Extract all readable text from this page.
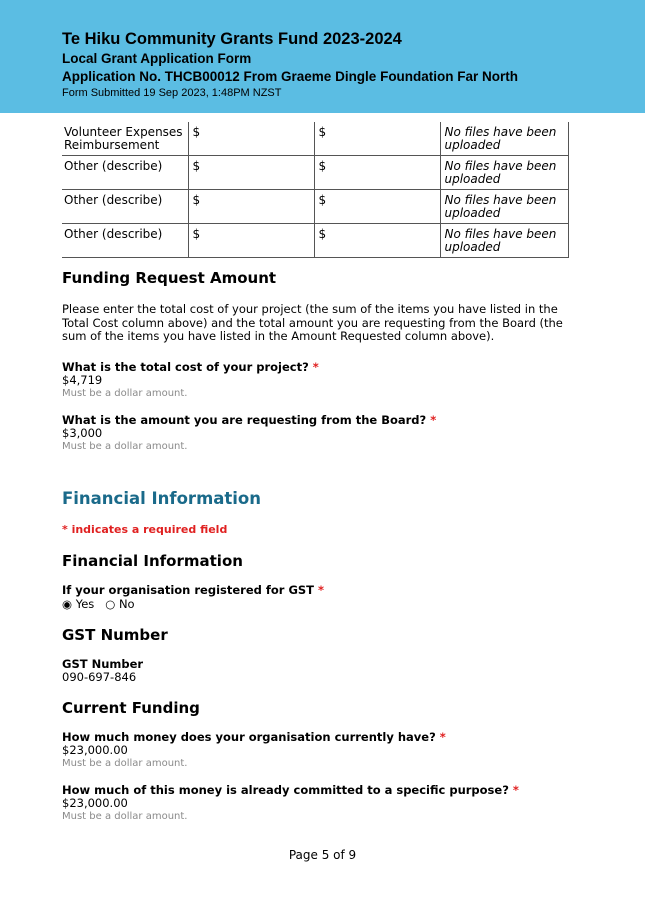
Te Hiku Community Grants Fund 2023-2024
Local Grant Application Form
Application No. THCB00012 From Graeme Dingle Foundation Far North
Form Submitted 19 Sep 2023, 1:48PM NZST
Volunteer Expenses Reimbursement	$	$	No files have been uploaded
Other (describe)	$	$	No files have been uploaded
Other (describe)	$	$	No files have been uploaded
Other (describe)	$	$	No files have been uploaded
Funding Request Amount
Please enter the total cost of your project (the sum of the items you have listed in the Total Cost column above) and the total amount you are requesting from the Board (the sum of the items you have listed in the Amount Requested column above).
What is the total cost of your project? *
$4,719
Must be a dollar amount.
What is the amount you are requesting from the Board? *
$3,000
Must be a dollar amount.
Financial Information
* indicates a required field
Financial Information
If your organisation registered for GST *
◉ Yes ○ No
GST Number
GST Number
090-697-846
Current Funding
How much money does your organisation currently have? *
$23,000.00
Must be a dollar amount.
How much of this money is already committed to a specific purpose? *
$23,000.00
Must be a dollar amount.
Page 5 of 9
